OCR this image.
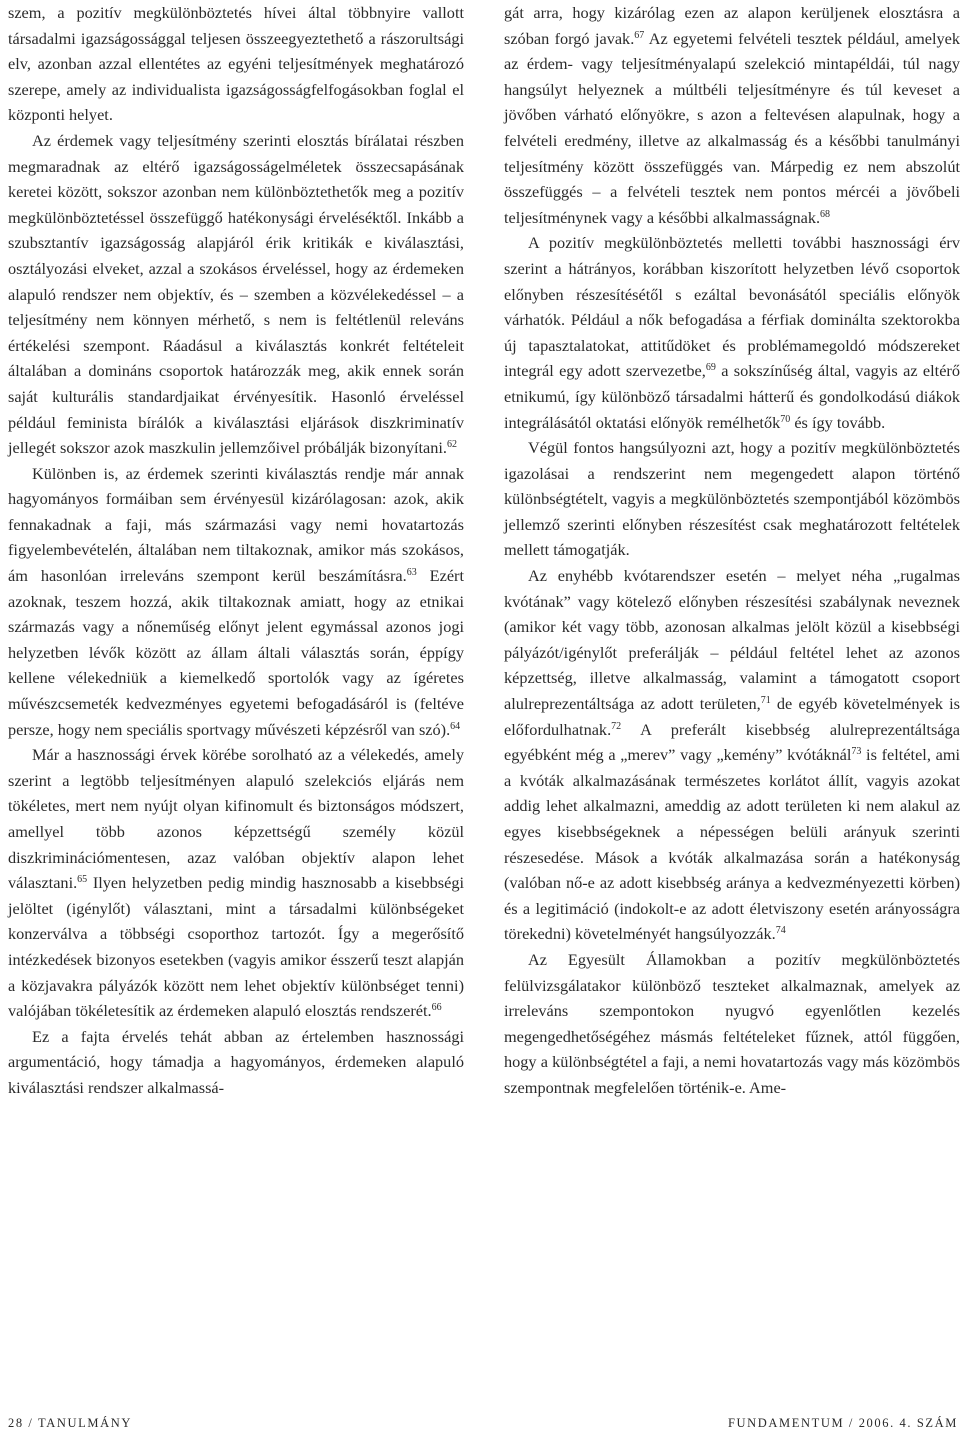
szem, a pozitív megkülönböztetés hívei által többnyire vallott társadalmi igazságossággal teljesen összeegyeztethető a rászorultsági elv, azonban azzal ellentétes az egyéni teljesítmények meghatározó szerepe, amely az individualista igazságosságfelfogásokban foglal el központi helyet.

Az érdemek vagy teljesítmény szerinti elosztás bírálatai részben megmaradnak az eltérő igazságosságelméletek összecsapásának keretei között, sokszor azonban nem különböztethetők meg a pozitív megkülönböztetéssel összefüggő hatékonysági érveléséktől. Inkább a szubsztantív igazságosság alapjáról érik kritikák e kiválasztási, osztályozási elveket, azzal a szokásos érveléssel, hogy az érdemeken alapuló rendszer nem objektív, és – szemben a közvélekedéssel – a teljesítmény nem könnyen mérhető, s nem is feltétlenül releváns értékelési szempont. Ráadásul a kiválasztás konkrét feltételeit általában a domináns csoportok határozzák meg, akik ennek során saját kulturális standardjaikat érvényesítik. Hasonló érveléssel például feminista bírálók a kiválasztási eljárások diszkriminatív jellegét sokszor azok maszkulin jellemzőivel próbálják bizonyítani.$^{62}$

Különben is, az érdemek szerinti kiválasztás rendje már annak hagyományos formáiban sem érvényesül kizárólagosan: azok, akik fennakadnak a faji, más származási vagy nemi hovatartozás figyelembevételén, általában nem tiltakoznak, amikor más szokásos, ám hasonlóan irreleváns szempont kerül beszámításra.$^{63}$ Ezért azoknak, teszem hozzá, akik tiltakoznak amiatt, hogy az etnikai származás vagy a nőneműség előnyt jelent egymással azonos jogi helyzetben lévők között az állam általi választás során, éppígy kellene vélekedniük a kiemelkedő sportolók vagy az ígéretes művészcsemeték kedvezményes egyetemi befogadásáról is (feltéve persze, hogy nem speciális sportvagy művészeti képzésről van szó).$^{64}$

Már a hasznossági érvek körébe sorolható az a vélekedés, amely szerint a legtöbb teljesítményen alapuló szelekciós eljárás nem tökéletes, mert nem nyújt olyan kifinomult és biztonságos módszert, amellyel több azonos képzettségű személy közül diszkriminációmentesen, azaz valóban objektív alapon lehet választani.$^{65}$ Ilyen helyzetben pedig mindig hasznosabb a kisebbségi jelöltet (igénylőt) választani, mint a társadalmi különbségeket konzerválva a többségi csoporthoz tartozót. Így a megerősítő intézkedések bizonyos esetekben (vagyis amikor ésszerű teszt alapján a közjavakra pályázók között nem lehet objektív különbséget tenni) valójában tökéletesítik az érdemeken alapuló elosztás rendszerét.$^{66}$

Ez a fajta érvelés tehát abban az értelemben hasznossági argumentáció, hogy támadja a hagyományos, érdemeken alapuló kiválasztási rendszer alkalmassá-

gát arra, hogy kizárólag ezen az alapon kerüljenek elosztásra a szóban forgó javak.$^{67}$ Az egyetemi felvételi tesztek például, amelyek az érdem- vagy teljesítményalapú szelekció mintapéldái, túl nagy hangsúlyt helyeznek a múltbéli teljesítményre és túl keveset a jövőben várható előnyökre, s azon a feltevésen alapulnak, hogy a felvételi eredmény, illetve az alkalmasság és a későbbi tanulmányi teljesítmény között összefüggés van. Márpedig ez nem abszolút összefüggés – a felvételi tesztek nem pontos mércéi a jövőbeli teljesítménynek vagy a későbbi alkalmasságnak.$^{68}$

A pozitív megkülönböztetés melletti további hasznossági érv szerint a hátrányos, korábban kiszorított helyzetben lévő csoportok előnyben részesítésétől s ezáltal bevonásától speciális előnyök várhatók. Például a nők befogadása a férfiak dominálta szektorokba új tapasztalatokat, attitűdöket és problémamegoldó módszereket integrál egy adott szervezetbe,$^{69}$ a sokszínűség által, vagyis az eltérő etnikumú, így különböző társadalmi hátterű és gondolkodású diákok integrálásától oktatási előnyök remélhetők$^{70}$ és így tovább.

Végül fontos hangsúlyozni azt, hogy a pozitív megkülönböztetés igazolásai a rendszerint nem megengedett alapon történő különbségtételt, vagyis a megkülönböztetés szempontjából közömbös jellemző szerinti előnyben részesítést csak meghatározott feltételek mellett támogatják.

Az enyhébb kvótarendszer esetén – melyet néha „rugalmas kvótának” vagy kötelező előnyben részesítési szabálynak neveznek (amikor két vagy több, azonosan alkalmas jelölt közül a kisebbségi pályázót/igénylőt preferálják – például feltétel lehet az azonos képzettség, illetve alkalmasság, valamint a támogatott csoport alulreprezentáltsága az adott területen,$^{71}$ de egyéb követelmények is előfordulhatnak.$^{72}$ A preferált kisebbség alulreprezentáltsága egyébként még a „merev” vagy „kemény” kvótáknál$^{73}$ is feltétel, ami a kvóták alkalmazásának természetes korlátot állít, vagyis azokat addig lehet alkalmazni, ameddig az adott területen ki nem alakul az egyes kisebbségeknek a népességen belüli arányuk szerinti részesedése. Mások a kvóták alkalmazása során a hatékonyság (valóban nő-e az adott kisebbség aránya a kedvezményezetti körben) és a legitimáció (indokolt-e az adott életviszony esetén arányosságra törekedni) követelményét hangsúlyozzák.$^{74}$

Az Egyesült Államokban a pozitív megkülönböztetés felülvizsgálatakor különböző teszteket alkalmaznak, amelyek az irreleváns szempontokon nyugvó egyenlőtlen kezelés megengedhetőségéhez másmás feltételeket fűznek, attól függően, hogy a különbségtétel a faji, a nemi hovatartozás vagy más közömbös szempontnak megfelelően történik-e. Ame-

28 / TANULMÁNY	FUNDAMENTUM / 2006. 4. SZÁM
